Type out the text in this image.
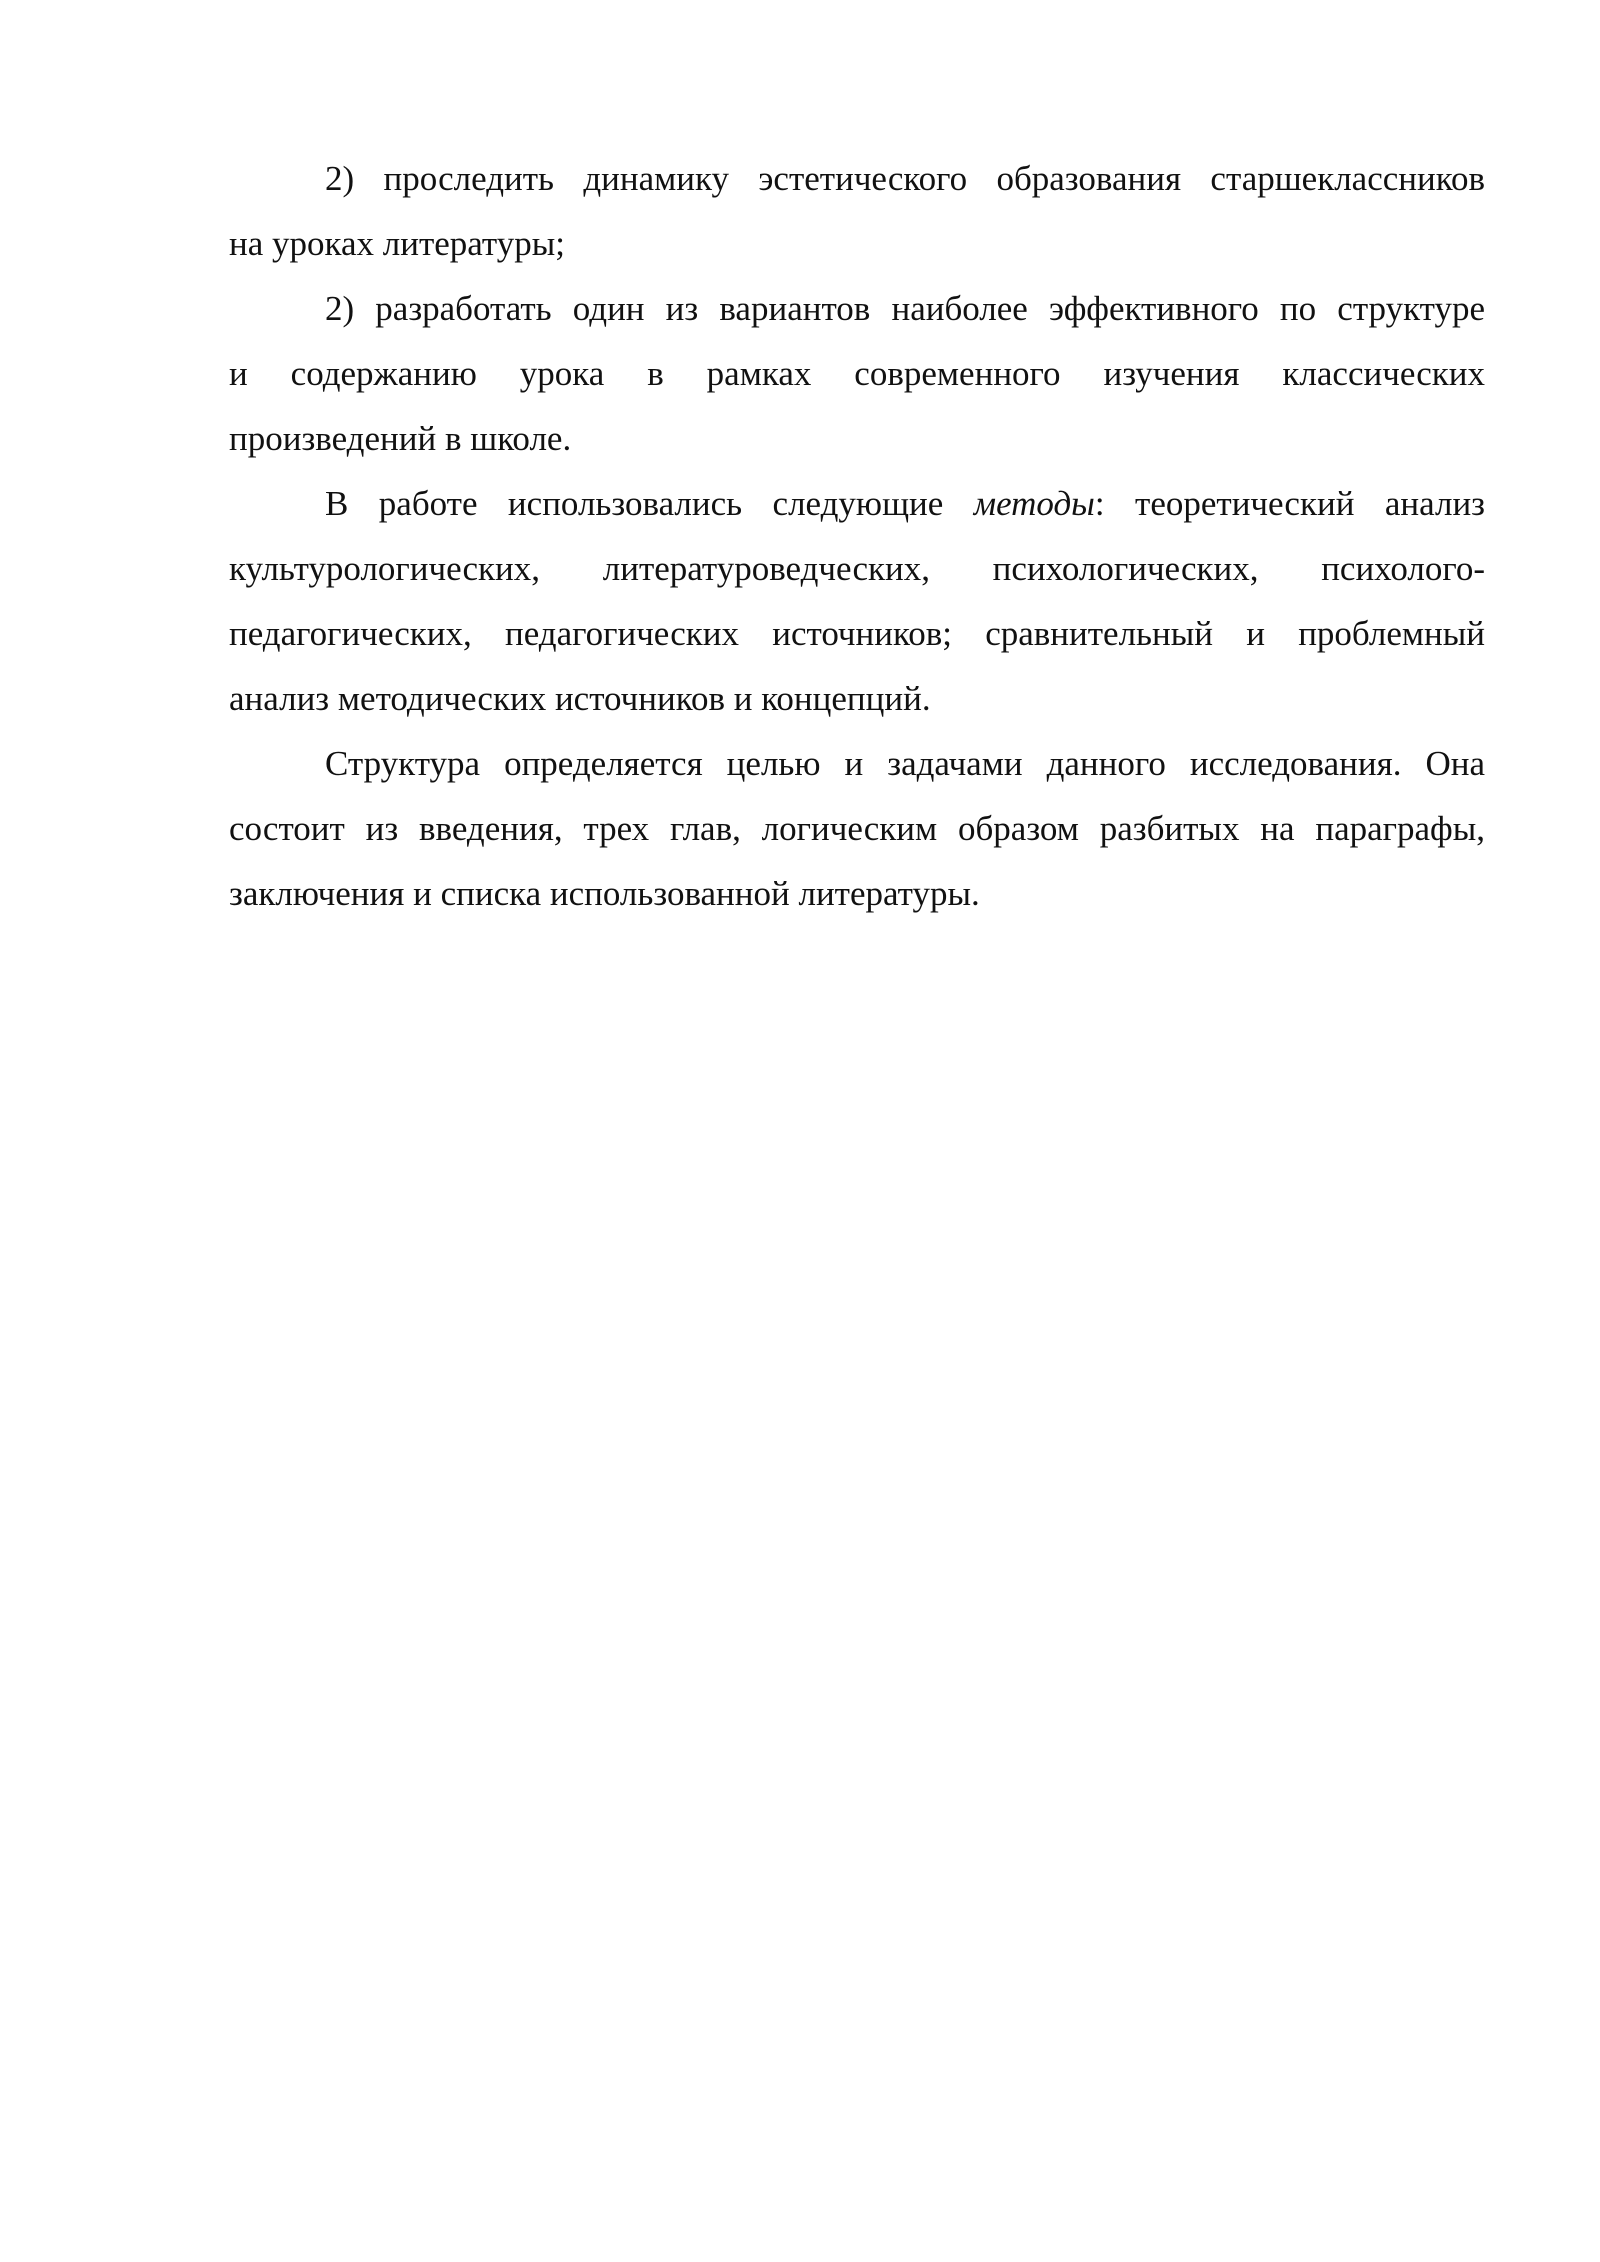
2) проследить динамику эстетического образования старшеклассников
на уроках литературы;
2) разработать один из вариантов наиболее эффективного по структуре
и содержанию урока в рамках современного изучения классических
произведений в школе.
В работе использовались следующие методы: теоретический анализ
культурологических, литературоведческих, психологических, психолого-
педагогических, педагогических источников; сравнительный и проблемный
анализ методических источников и концепций.
Структура определяется целью и задачами данного исследования. Она
состоит из введения, трех глав, логическим образом разбитых на параграфы,
заключения и списка использованной литературы.
